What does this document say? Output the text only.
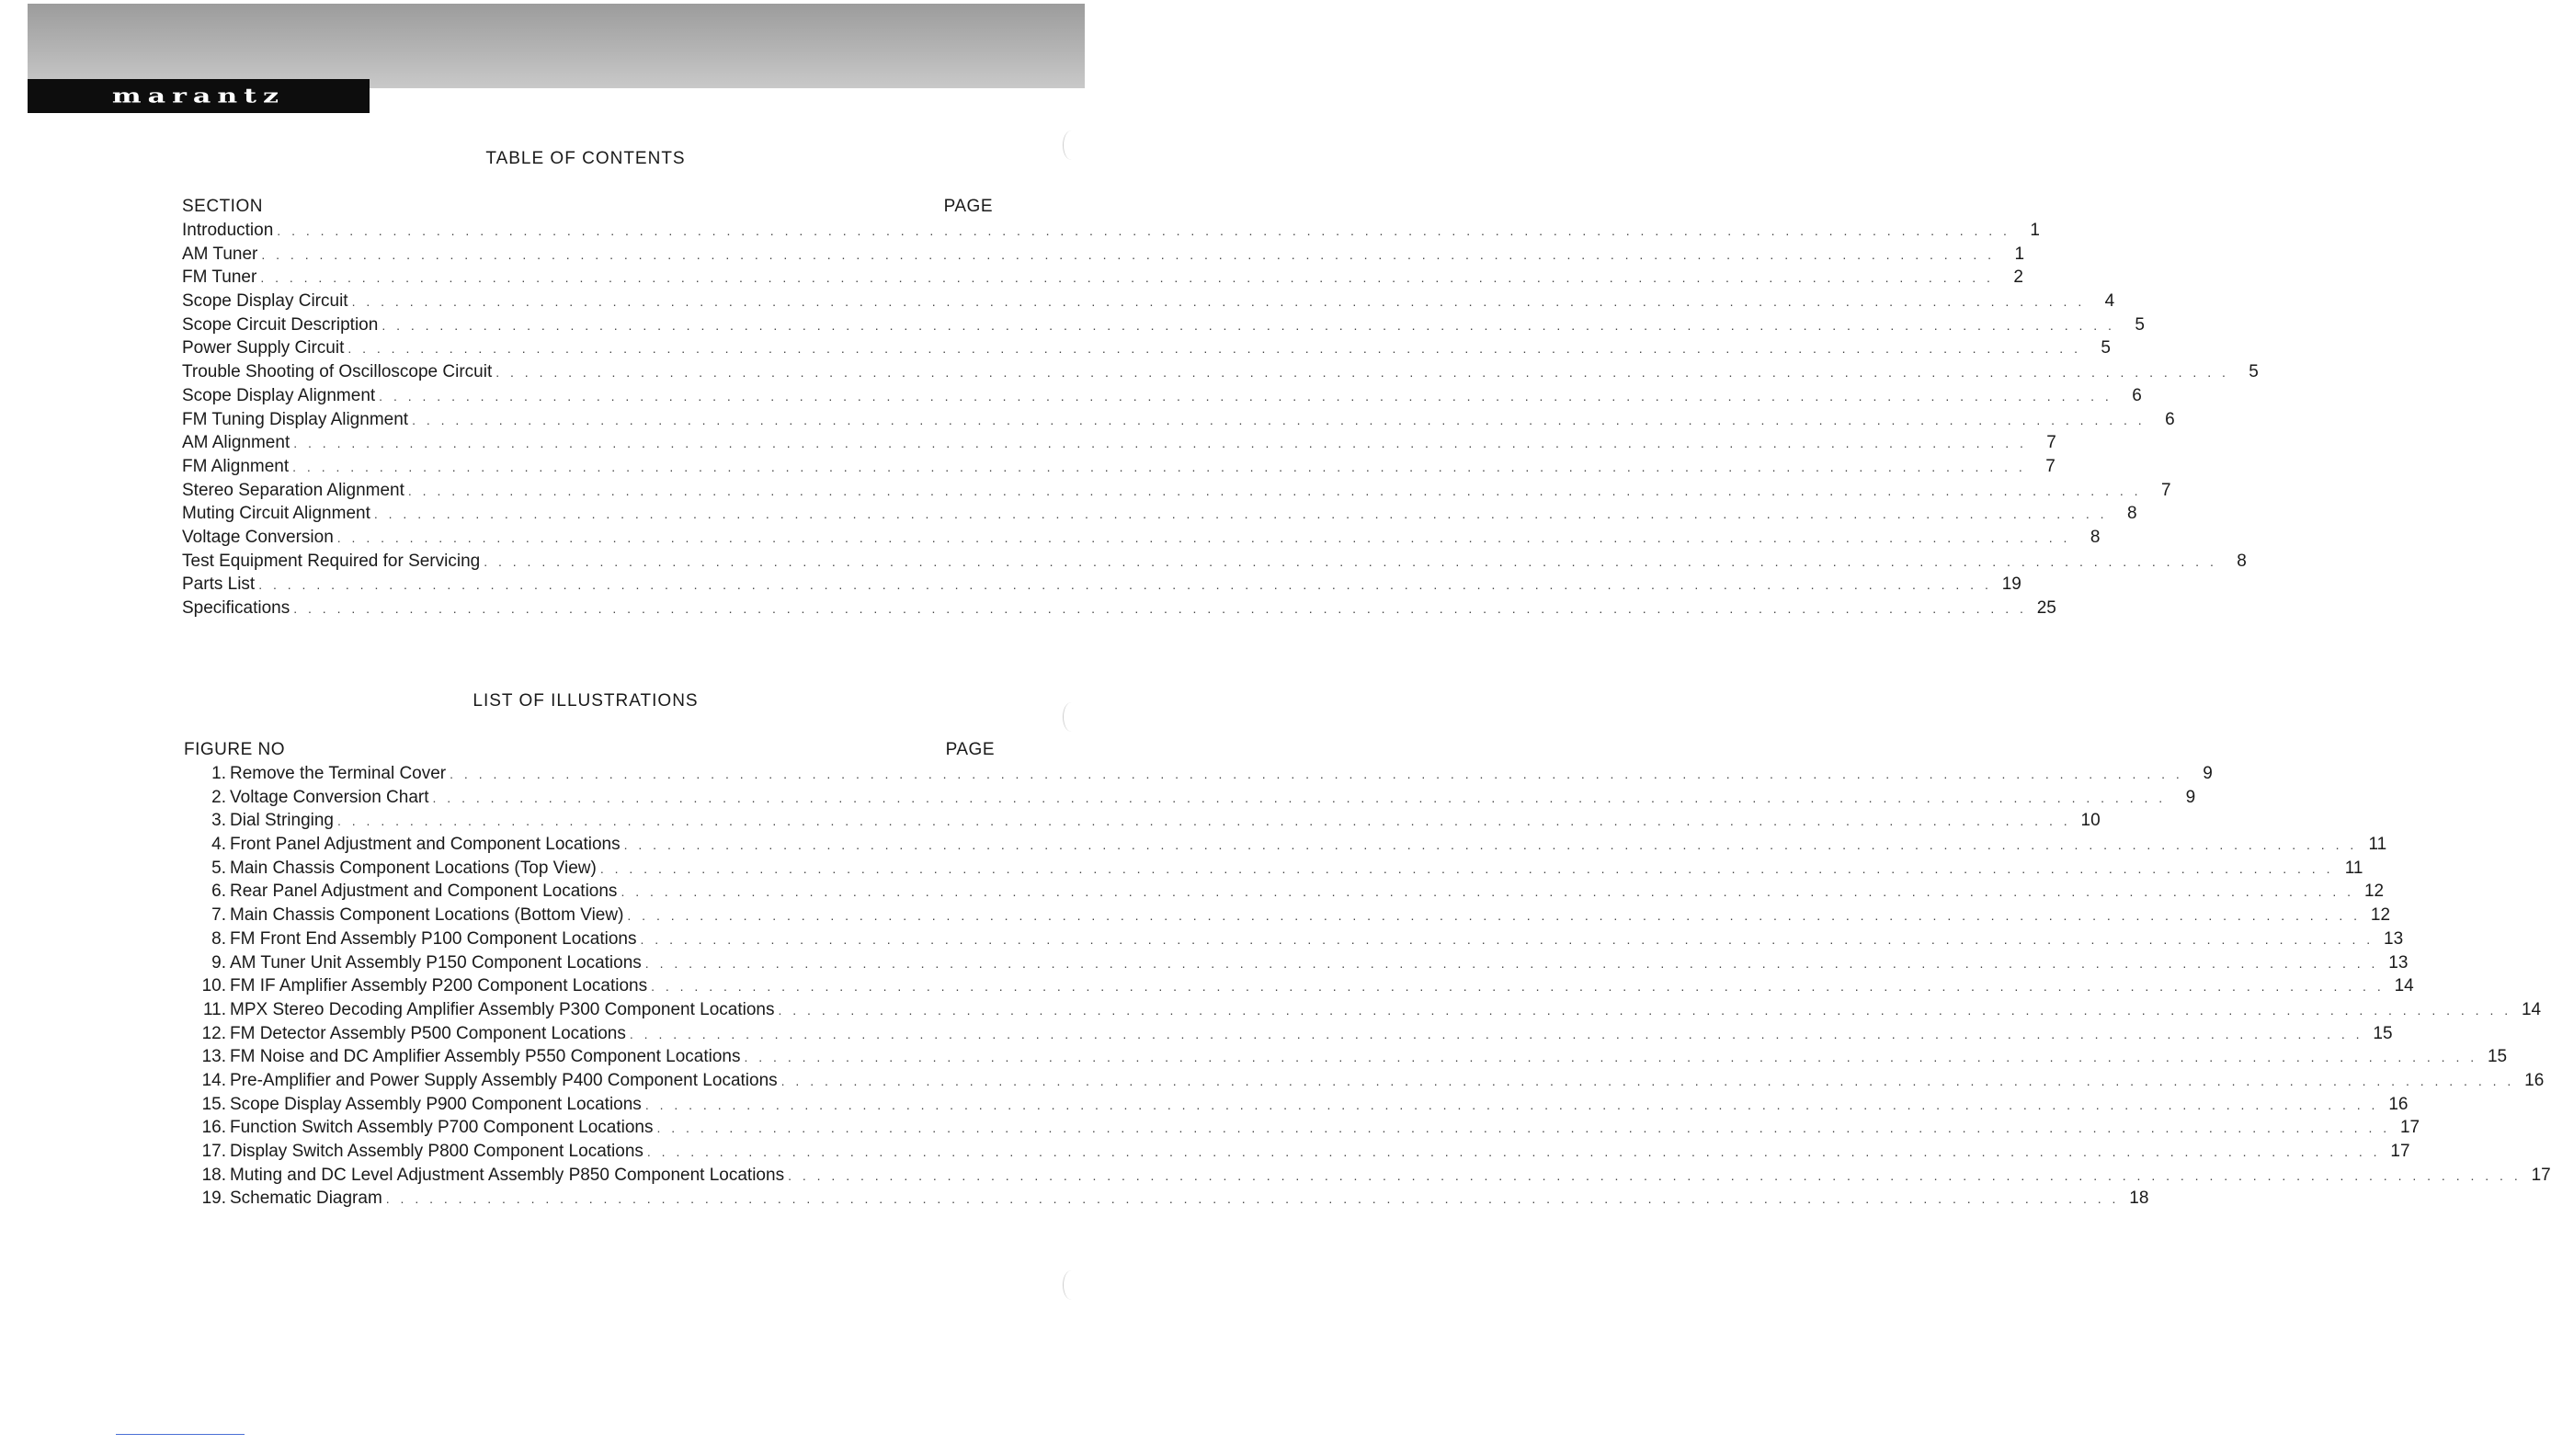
marantz
TABLE OF CONTENTS
SECTION	PAGE
Introduction . . . . . . . . . . . . . . . . . . . . . . . . . . . . . . . . . . . . . . . . . . . . . . . . . . . . . . . . . . . . . . . . . . . . . . . . . . . . . . . . . . . . . . . . . . . . . . . . . . . . . . . . . . . . . . . . . . . . . . . .	1
AM Tuner . . . . . . . . . . . . . . . . . . . . . . . . . . . . . . . . . . . . . . . . . . . . . . . . . . . . . . . . . . . . . . . . . . . . . . . . . . . . . . . . . . . . . . . . . . . . . . . . . . . . . . . . . . . . . . . . . . . . . . . .	1
FM Tuner . . . . . . . . . . . . . . . . . . . . . . . . . . . . . . . . . . . . . . . . . . . . . . . . . . . . . . . . . . . . . . . . . . . . . . . . . . . . . . . . . . . . . . . . . . . . . . . . . . . . . . . . . . . . . . . . . . . . . . . .	2
Scope Display Circuit . . . . . . . . . . . . . . . . . . . . . . . . . . . . . . . . . . . . . . . . . . . . . . . . . . . . . . . . . . . . . . . . . . . . . . . . . . . . . . . . . . . . . . . . . . . . . . . . . . . . . . . . . . . . . . . . . . . . . . . .	4
Scope Circuit Description . . . . . . . . . . . . . . . . . . . . . . . . . . . . . . . . . . . . . . . . . . . . . . . . . . . . . . . . . . . . . . . . . . . . . . . . . . . . . . . . . . . . . . . . . . . . . . . . . . . . . . . . . . . . . . . . . . . . . . . .	5
Power Supply Circuit . . . . . . . . . . . . . . . . . . . . . . . . . . . . . . . . . . . . . . . . . . . . . . . . . . . . . . . . . . . . . . . . . . . . . . . . . . . . . . . . . . . . . . . . . . . . . . . . . . . . . . . . . . . . . . . . . . . . . . . .	5
Trouble Shooting of Oscilloscope Circuit . . . . . . . . . . . . . . . . . . . . . . . . . . . . . . . . . . . . . . . . . . . . . . . . . . . . . . . . . . . . . . . . . . . . . . . . . . . . . . . . . . . . . . . . . . . . . . . . . . . . . . . . . . . . . . . . . . . . . . . .	5
Scope Display Alignment . . . . . . . . . . . . . . . . . . . . . . . . . . . . . . . . . . . . . . . . . . . . . . . . . . . . . . . . . . . . . . . . . . . . . . . . . . . . . . . . . . . . . . . . . . . . . . . . . . . . . . . . . . . . . . . . . . . . . . . .	6
FM Tuning Display Alignment . . . . . . . . . . . . . . . . . . . . . . . . . . . . . . . . . . . . . . . . . . . . . . . . . . . . . . . . . . . . . . . . . . . . . . . . . . . . . . . . . . . . . . . . . . . . . . . . . . . . . . . . . . . . . . . . . . . . . . . .	6
AM Alignment . . . . . . . . . . . . . . . . . . . . . . . . . . . . . . . . . . . . . . . . . . . . . . . . . . . . . . . . . . . . . . . . . . . . . . . . . . . . . . . . . . . . . . . . . . . . . . . . . . . . . . . . . . . . . . . . . . . . . . . .	7
FM Alignment . . . . . . . . . . . . . . . . . . . . . . . . . . . . . . . . . . . . . . . . . . . . . . . . . . . . . . . . . . . . . . . . . . . . . . . . . . . . . . . . . . . . . . . . . . . . . . . . . . . . . . . . . . . . . . . . . . . . . . . .	7
Stereo Separation Alignment . . . . . . . . . . . . . . . . . . . . . . . . . . . . . . . . . . . . . . . . . . . . . . . . . . . . . . . . . . . . . . . . . . . . . . . . . . . . . . . . . . . . . . . . . . . . . . . . . . . . . . . . . . . . . . . . . . . . . . . .	7
Muting Circuit Alignment . . . . . . . . . . . . . . . . . . . . . . . . . . . . . . . . . . . . . . . . . . . . . . . . . . . . . . . . . . . . . . . . . . . . . . . . . . . . . . . . . . . . . . . . . . . . . . . . . . . . . . . . . . . . . . . . . . . . . . . .	8
Voltage Conversion . . . . . . . . . . . . . . . . . . . . . . . . . . . . . . . . . . . . . . . . . . . . . . . . . . . . . . . . . . . . . . . . . . . . . . . . . . . . . . . . . . . . . . . . . . . . . . . . . . . . . . . . . . . . . . . . . . . . . . . .	8
Test Equipment Required for Servicing . . . . . . . . . . . . . . . . . . . . . . . . . . . . . . . . . . . . . . . . . . . . . . . . . . . . . . . . . . . . . . . . . . . . . . . . . . . . . . . . . . . . . . . . . . . . . . . . . . . . . . . . . . . . . . . . . . . . . . . .	8
Parts List . . . . . . . . . . . . . . . . . . . . . . . . . . . . . . . . . . . . . . . . . . . . . . . . . . . . . . . . . . . . . . . . . . . . . . . . . . . . . . . . . . . . . . . . . . . . . . . . . . . . . . . . . . . . . . . . . . . . . . . . 19
Specifications . . . . . . . . . . . . . . . . . . . . . . . . . . . . . . . . . . . . . . . . . . . . . . . . . . . . . . . . . . . . . . . . . . . . . . . . . . . . . . . . . . . . . . . . . . . . . . . . . . . . . . . . . . . . . . . . . . . . . . . . 25
LIST OF ILLUSTRATIONS
FIGURE NO	PAGE
1. Remove the Terminal Cover . . . . . . . . . . . . . . . . . . . . . . . . . . . . . . . . . . . . . . . . . . . . . . . . . . . . . . . . . . . . . . . . . . . . . . . . . . . . . . . . . . . . . . . . . . . . . . . . . . . . . . . . . . . . . . . . . . . . . . . .	9
2. Voltage Conversion Chart . . . . . . . . . . . . . . . . . . . . . . . . . . . . . . . . . . . . . . . . . . . . . . . . . . . . . . . . . . . . . . . . . . . . . . . . . . . . . . . . . . . . . . . . . . . . . . . . . . . . . . . . . . . . . . . . . . . . . . . .	9
3. Dial Stringing . . . . . . . . . . . . . . . . . . . . . . . . . . . . . . . . . . . . . . . . . . . . . . . . . . . . . . . . . . . . . . . . . . . . . . . . . . . . . . . . . . . . . . . . . . . . . . . . . . . . . . . . . . . . . . . . . . . . . . . . 10
4. Front Panel Adjustment and Component Locations . . . . . . . . . . . . . . . . . . . . . . . . . . . . . . . . . . . . . . . . . . . . . . . . . . . . . . . . . . . . . . . . . . . . . . . . . . . . . . . . . . . . . . . . . . . . . . . . . . . . . . . . . . . . . . . . . . . . . . . . 11
5. Main Chassis Component Locations (Top View) . . . . . . . . . . . . . . . . . . . . . . . . . . . . . . . . . . . . . . . . . . . . . . . . . . . . . . . . . . . . . . . . . . . . . . . . . . . . . . . . . . . . . . . . . . . . . . . . . . . . . . . . . . . . . . . . . . . . . . . . 11
6. Rear Panel Adjustment and Component Locations . . . . . . . . . . . . . . . . . . . . . . . . . . . . . . . . . . . . . . . . . . . . . . . . . . . . . . . . . . . . . . . . . . . . . . . . . . . . . . . . . . . . . . . . . . . . . . . . . . . . . . . . . . . . . . . . . . . . . . . . 12
7. Main Chassis Component Locations (Bottom View) . . . . . . . . . . . . . . . . . . . . . . . . . . . . . . . . . . . . . . . . . . . . . . . . . . . . . . . . . . . . . . . . . . . . . . . . . . . . . . . . . . . . . . . . . . . . . . . . . . . . . . . . . . . . . . . . . . . . . . . . 12
8. FM Front End Assembly P100 Component Locations . . . . . . . . . . . . . . . . . . . . . . . . . . . . . . . . . . . . . . . . . . . . . . . . . . . . . . . . . . . . . . . . . . . . . . . . . . . . . . . . . . . . . . . . . . . . . . . . . . . . . . . . . . . . . . . . . . . . . . . . 13
9. AM Tuner Unit Assembly P150 Component Locations . . . . . . . . . . . . . . . . . . . . . . . . . . . . . . . . . . . . . . . . . . . . . . . . . . . . . . . . . . . . . . . . . . . . . . . . . . . . . . . . . . . . . . . . . . . . . . . . . . . . . . . . . . . . . . . . . . . . . . . . 13
10. FM IF Amplifier Assembly P200 Component Locations . . . . . . . . . . . . . . . . . . . . . . . . . . . . . . . . . . . . . . . . . . . . . . . . . . . . . . . . . . . . . . . . . . . . . . . . . . . . . . . . . . . . . . . . . . . . . . . . . . . . . . . . . . . . . . . . . . . . . . . . 14
11. MPX Stereo Decoding Amplifier Assembly P300 Component Locations . . . . . . . . . . . . . . . . . . . . . . . . . . . . . . . . . . . . . . . . . . . . . . . . . . . . . . . . . . . . . . . . . . . . . . . . . . . . . . . . . . . . . . . . . . . . . . . . . . . . . . . . . . . . . . . . . . . . . . . . 14
12. FM Detector Assembly P500 Component Locations . . . . . . . . . . . . . . . . . . . . . . . . . . . . . . . . . . . . . . . . . . . . . . . . . . . . . . . . . . . . . . . . . . . . . . . . . . . . . . . . . . . . . . . . . . . . . . . . . . . . . . . . . . . . . . . . . . . . . . . . 15
13. FM Noise and DC Amplifier Assembly P550 Component Locations . . . . . . . . . . . . . . . . . . . . . . . . . . . . . . . . . . . . . . . . . . . . . . . . . . . . . . . . . . . . . . . . . . . . . . . . . . . . . . . . . . . . . . . . . . . . . . . . . . . . . . . . . . . . . . . . . . . . . . . . 15
14. Pre-Amplifier and Power Supply Assembly P400 Component Locations . . . . . . . . . . . . . . . . . . . . . . . . . . . . . . . . . . . . . . . . . . . . . . . . . . . . . . . . . . . . . . . . . . . . . . . . . . . . . . . . . . . . . . . . . . . . . . . . . . . . . . . . . . . . . . . . . . . . . . . . 16
15. Scope Display Assembly P900 Component Locations . . . . . . . . . . . . . . . . . . . . . . . . . . . . . . . . . . . . . . . . . . . . . . . . . . . . . . . . . . . . . . . . . . . . . . . . . . . . . . . . . . . . . . . . . . . . . . . . . . . . . . . . . . . . . . . . . . . . . . . . 16
16. Function Switch Assembly P700 Component Locations . . . . . . . . . . . . . . . . . . . . . . . . . . . . . . . . . . . . . . . . . . . . . . . . . . . . . . . . . . . . . . . . . . . . . . . . . . . . . . . . . . . . . . . . . . . . . . . . . . . . . . . . . . . . . . . . . . . . . . . . 17
17. Display Switch Assembly P800 Component Locations . . . . . . . . . . . . . . . . . . . . . . . . . . . . . . . . . . . . . . . . . . . . . . . . . . . . . . . . . . . . . . . . . . . . . . . . . . . . . . . . . . . . . . . . . . . . . . . . . . . . . . . . . . . . . . . . . . . . . . . . 17
18. Muting and DC Level Adjustment Assembly P850 Component Locations . . . . . . . . . . . . . . . . . . . . . . . . . . . . . . . . . . . . . . . . . . . . . . . . . . . . . . . . . . . . . . . . . . . . . . . . . . . . . . . . . . . . . . . . . . . . . . . . . . . . . . . . . . . . . . . . . . . . . . . . 17
19. Schematic Diagram . . . . . . . . . . . . . . . . . . . . . . . . . . . . . . . . . . . . . . . . . . . . . . . . . . . . . . . . . . . . . . . . . . . . . . . . . . . . . . . . . . . . . . . . . . . . . . . . . . . . . . . . . . . . . . . . . . . . . . . . 18
